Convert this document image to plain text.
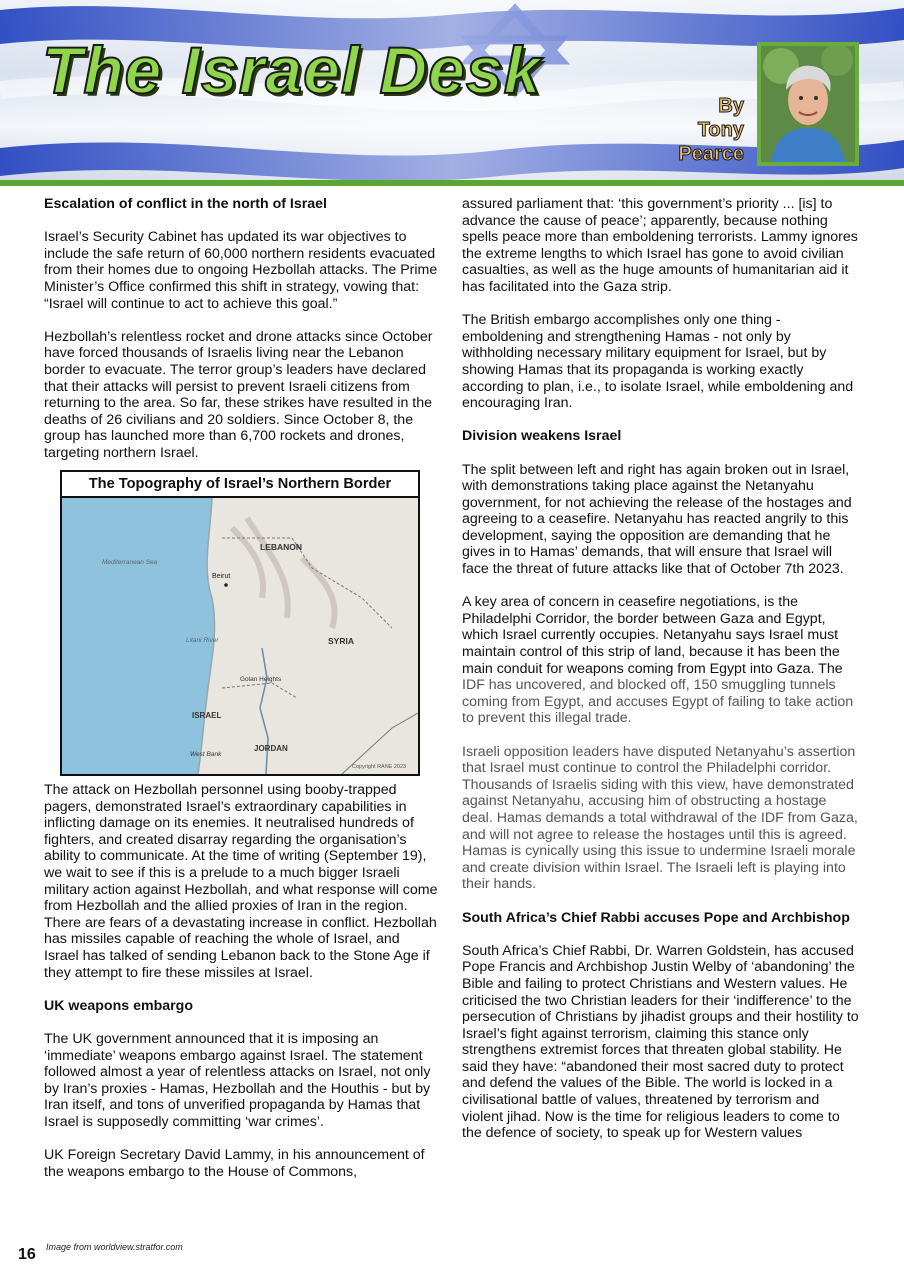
The Israel Desk	By
Tony
Pearce
Escalation of conflict in the north of Israel

Israel’s Security Cabinet has updated its war objectives to include the safe return of 60,000 northern residents evacuated from their homes due to ongoing Hezbollah attacks. The Prime Minister’s Office confirmed this shift in strategy, vowing that: “Israel will continue to act to achieve this goal.”

Hezbollah’s relentless rocket and drone attacks since October have forced thousands of Israelis living near the Lebanon border to evacuate. The terror group’s leaders have declared that their attacks will persist to prevent Israeli citizens from returning to the area. So far, these strikes have resulted in the deaths of 26 civilians and 20 soldiers. Since October 8, the group has launched more than 6,700 rockets and drones, targeting northern Israel.

The Topography of Israel’s Northern Border
Mediterranean Sea
LEBANON
Beirut
Litani River	SYRIA
Golan Heights
ISRAEL
West Bank
JORDAN
Copyright RANE 2023

The attack on Hezbollah personnel using booby-trapped pagers, demonstrated Israel’s extraordinary capabilities in inflicting damage on its enemies. It neutralised hundreds of fighters, and created disarray regarding the organisation’s ability to communicate. At the time of writing (September 19), we wait to see if this is a prelude to a much bigger Israeli military action against Hezbollah, and what response will come from Hezbollah and the allied proxies of Iran in the region. There are fears of a devastating increase in conflict. Hezbollah has missiles capable of reaching the whole of Israel, and Israel has talked of sending Lebanon back to the Stone Age if they attempt to fire these missiles at Israel.

UK weapons embargo

The UK government announced that it is imposing an ‘immediate’ weapons embargo against Israel. The statement followed almost a year of relentless attacks on Israel, not only by Iran’s proxies - Hamas, Hezbollah and the Houthis - but by Iran itself, and tons of unverified propaganda by Hamas that Israel is supposedly committing ‘war crimes’.

UK Foreign Secretary David Lammy, in his announcement of the weapons embargo to the House of Commons,

assured parliament that: ‘this government’s priority ... [is] to advance the cause of peace’; apparently, because nothing spells peace more than emboldening terrorists. Lammy ignores the extreme lengths to which Israel has gone to avoid civilian casualties, as well as the huge amounts of humanitarian aid it has facilitated into the Gaza strip.

The British embargo accomplishes only one thing - emboldening and strengthening Hamas - not only by withholding necessary military equipment for Israel, but by showing Hamas that its propaganda is working exactly according to plan, i.e., to isolate Israel, while emboldening and encouraging Iran.

Division weakens Israel

The split between left and right has again broken out in Israel, with demonstrations taking place against the Netanyahu government, for not achieving the release of the hostages and agreeing to a ceasefire. Netanyahu has reacted angrily to this development, saying the opposition are demanding that he gives in to Hamas’ demands, that will ensure that Israel will face the threat of future attacks like that of October 7th 2023.

A key area of concern in ceasefire negotiations, is the Philadelphi Corridor, the border between Gaza and Egypt, which Israel currently occupies. Netanyahu says Israel must maintain control of this strip of land, because it has been the main conduit for weapons coming from Egypt into Gaza. The IDF has uncovered, and blocked off, 150 smuggling tunnels coming from Egypt, and accuses Egypt of failing to take action to prevent this illegal trade.

Israeli opposition leaders have disputed Netanyahu’s assertion that Israel must continue to control the Philadelphi corridor. Thousands of Israelis siding with this view, have demonstrated against Netanyahu, accusing him of obstructing a hostage deal. Hamas demands a total withdrawal of the IDF from Gaza, and will not agree to release the hostages until this is agreed. Hamas is cynically using this issue to undermine Israeli morale and create division within Israel. The Israeli left is playing into their hands.

South Africa’s Chief Rabbi accuses Pope and Archbishop

South Africa’s Chief Rabbi, Dr. Warren Goldstein, has accused Pope Francis and Archbishop Justin Welby of ‘abandoning’ the Bible and failing to protect Christians and Western values. He criticised the two Christian leaders for their ‘indifference’ to the persecution of Christians by jihadist groups and their hostility to Israel’s fight against terrorism, claiming this stance only strengthens extremist forces that threaten global stability. He said they have: “abandoned their most sacred duty to protect and defend the values of the Bible. The world is locked in a civilisational battle of values, threatened by terrorism and violent jihad. Now is the time for religious leaders to come to the defence of society, to speak up for Western values

16 Image from worldview.stratfor.com
